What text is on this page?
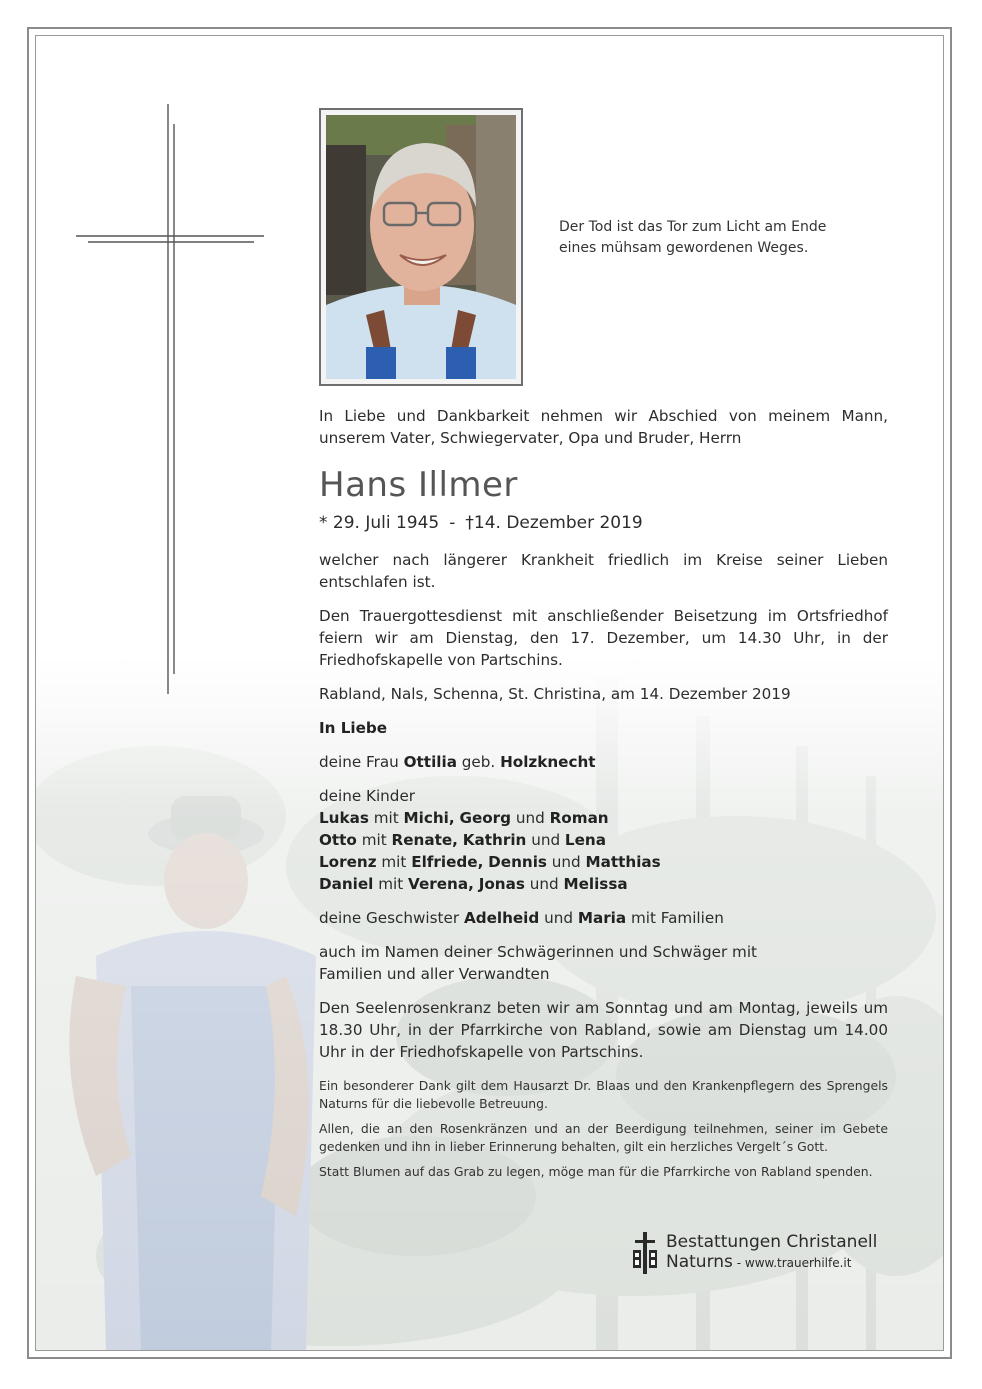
Der Tod ist das Tor zum Licht am Ende
eines mühsam gewordenen Weges.

In Liebe und Dankbarkeit nehmen wir Abschied von meinem Mann, unserem Vater, Schwiegervater, Opa und Bruder, Herrn

Hans Illmer

* 29. Juli 1945 - †14. Dezember 2019

welcher nach längerer Krankheit friedlich im Kreise seiner Lieben entschlafen ist.

Den Trauergottesdienst mit anschließender Beisetzung im Ortsfriedhof feiern wir am Dienstag, den 17. Dezember, um 14.30 Uhr, in der Friedhofskapelle von Partschins.

Rabland, Nals, Schenna, St. Christina, am 14. Dezember 2019

In Liebe

deine Frau Ottilia geb. Holzknecht

deine Kinder

Lukas mit Michi, Georg und Roman

Otto mit Renate, Kathrin und Lena

Lorenz mit Elfriede, Dennis und Matthias

Daniel mit Verena, Jonas und Melissa

deine Geschwister Adelheid und Maria mit Familien

auch im Namen deiner Schwägerinnen und Schwäger mit Familien und aller Verwandten

Den Seelenrosenkranz beten wir am Sonntag und am Montag, jeweils um 18.30 Uhr, in der Pfarrkirche von Rabland, sowie am Dienstag um 14.00 Uhr in der Friedhofskapelle von Partschins.

Ein besonderer Dank gilt dem Hausarzt Dr. Blaas und den Krankenpflegern des Sprengels Naturns für die liebevolle Betreuung.

Allen, die an den Rosenkränzen und an der Beerdigung teilnehmen, seiner im Gebete gedenken und ihn in lieber Erinnerung behalten, gilt ein herzliches Vergelt´s Gott.

Statt Blumen auf das Grab zu legen, möge man für die Pfarrkirche von Rabland spenden.

Bestattungen Christanell
Naturns - www.trauerhilfe.it
